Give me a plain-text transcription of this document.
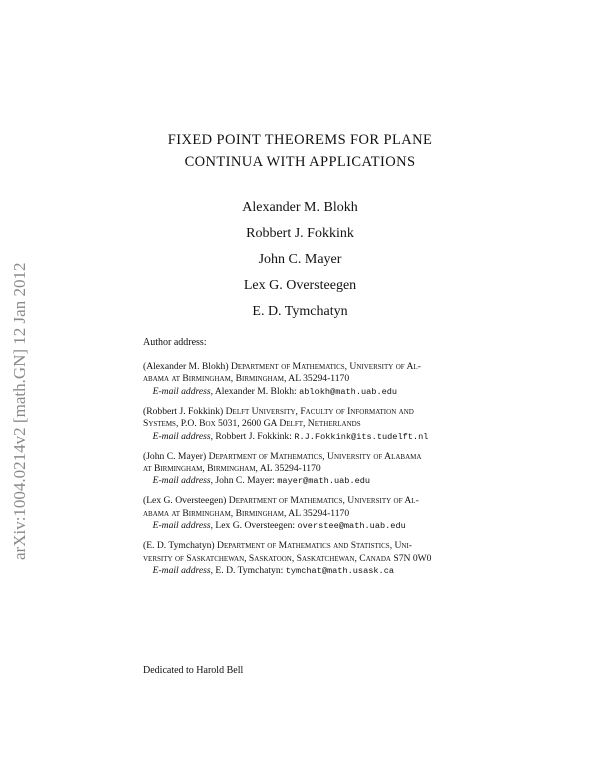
arXiv:1004.0214v2 [math.GN] 12 Jan 2012
FIXED POINT THEOREMS FOR PLANE
CONTINUA WITH APPLICATIONS
Alexander M. Blokh
Robbert J. Fokkink
John C. Mayer
Lex G. Oversteegen
E. D. Tymchatyn
Author address:

(Alexander M. Blokh) Department of Mathematics, University of Al-

abama at Birmingham, Birmingham, AL 35294-1170

E-mail address, Alexander M. Blokh: ablokh@math.uab.edu

(Robbert J. Fokkink) Delft University, Faculty of Information and

Systems, P.O. Box 5031, 2600 GA Delft, Netherlands

E-mail address, Robbert J. Fokkink: R.J.Fokkink@its.tudelft.nl

(John C. Mayer) Department of Mathematics, University of Alabama

at Birmingham, Birmingham, AL 35294-1170

E-mail address, John C. Mayer: mayer@math.uab.edu

(Lex G. Oversteegen) Department of Mathematics, University of Al-

abama at Birmingham, Birmingham, AL 35294-1170

E-mail address, Lex G. Oversteegen: overstee@math.uab.edu

(E. D. Tymchatyn) Department of Mathematics and Statistics, Uni-

versity of Saskatchewan, Saskatoon, Saskatchewan, Canada S7N 0W0

E-mail address, E. D. Tymchatyn: tymchat@math.usask.ca

Dedicated to Harold Bell
